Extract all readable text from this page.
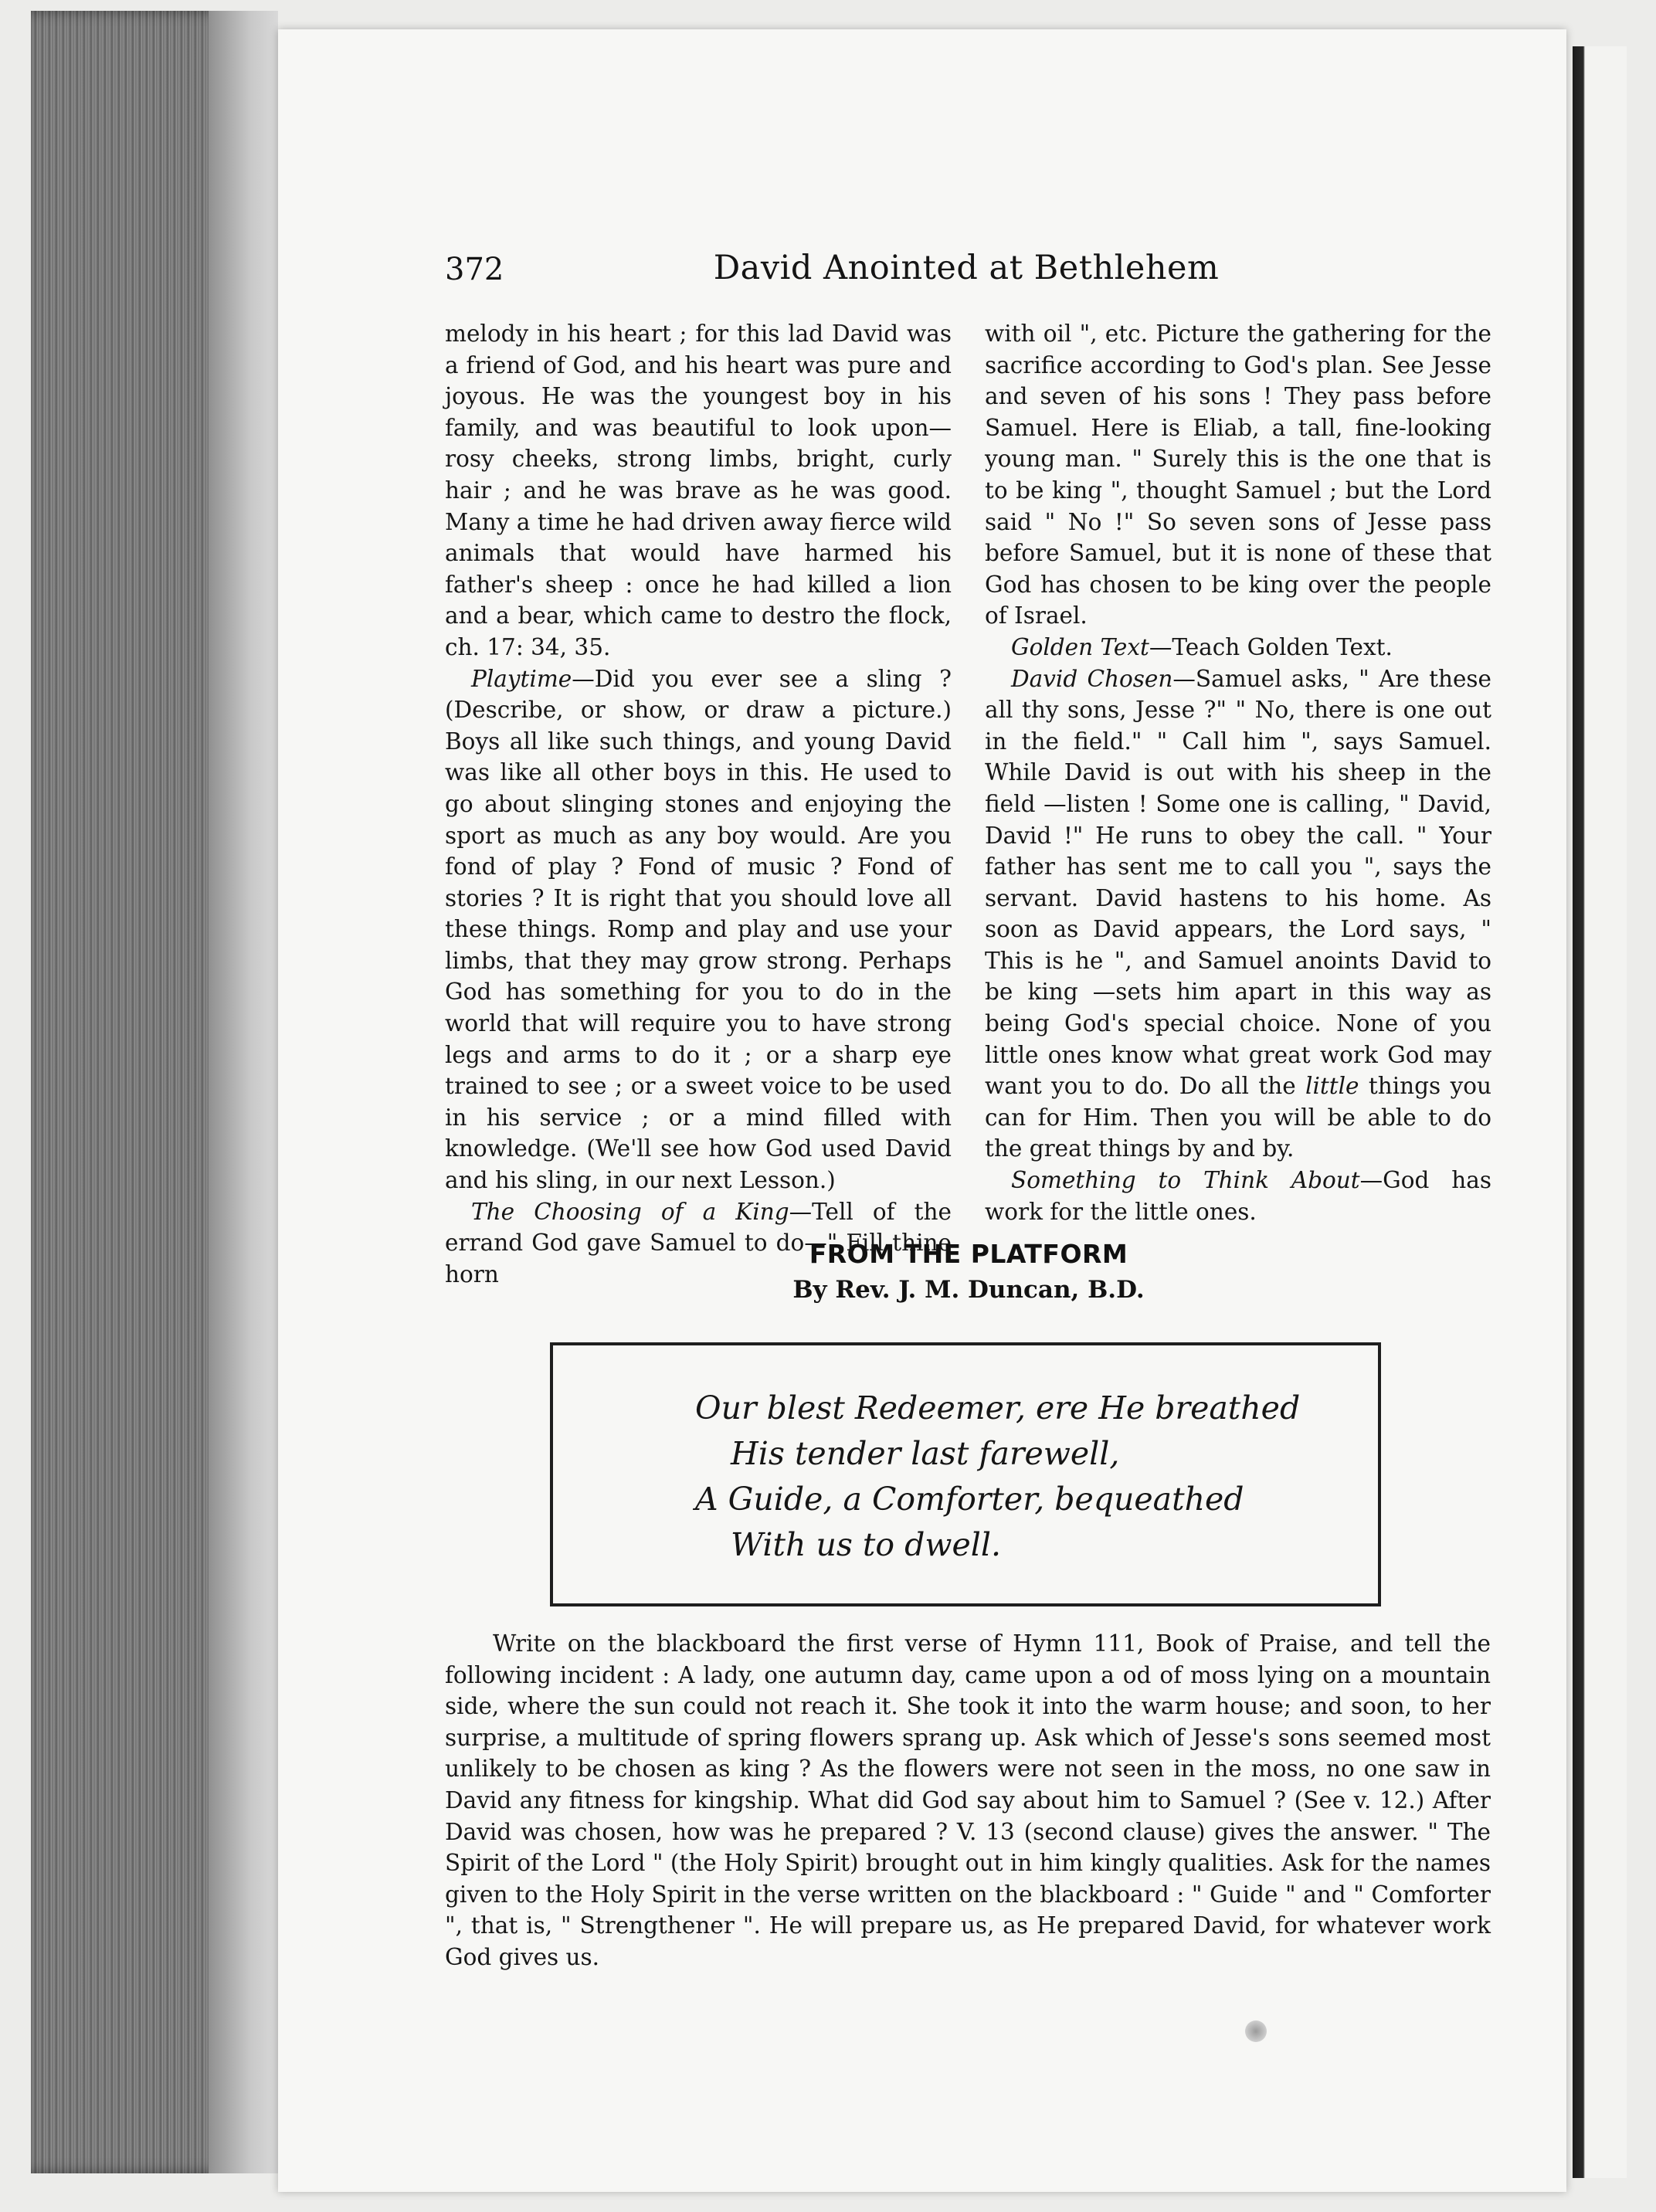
372	David Anointed at Bethlehem

melody in his heart ; for this lad David was a friend of God, and his heart was pure and joyous. He was the youngest boy in his family, and was beautiful to look upon—rosy cheeks, strong limbs, bright, curly hair ; and he was brave as he was good. Many a time he had driven away fierce wild animals that would have harmed his father's sheep : once he had killed a lion and a bear, which came to destro the flock, ch. 17: 34, 35.

Playtime—Did you ever see a sling ? (Describe, or show, or draw a picture.) Boys all like such things, and young David was like all other boys in this. He used to go about slinging stones and enjoying the sport as much as any boy would. Are you fond of play ? Fond of music ? Fond of stories ? It is right that you should love all these things. Romp and play and use your limbs, that they may grow strong. Perhaps God has something for you to do in the world that will require you to have strong legs and arms to do it ; or a sharp eye trained to see ; or a sweet voice to be used in his service ; or a mind filled with knowledge. (We'll see how God used David and his sling, in our next Lesson.)

The Choosing of a King—Tell of the errand God gave Samuel to do—" Fill thine horn

with oil ", etc. Picture the gathering for the sacrifice according to God's plan. See Jesse and seven of his sons ! They pass before Samuel. Here is Eliab, a tall, fine-looking young man. " Surely this is the one that is to be king ", thought Samuel ; but the Lord said " No !" So seven sons of Jesse pass before Samuel, but it is none of these that God has chosen to be king over the people of Israel.

Golden Text—Teach Golden Text.

David Chosen—Samuel asks, " Are these all thy sons, Jesse ?" " No, there is one out in the field." " Call him ", says Samuel. While David is out with his sheep in the field —listen ! Some one is calling, " David, David !" He runs to obey the call. " Your father has sent me to call you ", says the servant. David hastens to his home. As soon as David appears, the Lord says, " This is he ", and Samuel anoints David to be king —sets him apart in this way as being God's special choice. None of you little ones know what great work God may want you to do. Do all the little things you can for Him. Then you will be able to do the great things by and by.

Something to Think About—God has work for the little ones.

FROM THE PLATFORM
By Rev. J. M. Duncan, B.D.
Our blest Redeemer, ere He breathed
His tender last farewell,
A Guide, a Comforter, bequeathed
With us to dwell.

Write on the blackboard the first verse of Hymn 111, Book of Praise, and tell the following incident : A lady, one autumn day, came upon a od of moss lying on a mountain side, where the sun could not reach it. She took it into the warm house; and soon, to her surprise, a multitude of spring flowers sprang up. Ask which of Jesse's sons seemed most unlikely to be chosen as king ? As the flowers were not seen in the moss, no one saw in David any fitness for kingship. What did God say about him to Samuel ? (See v. 12.) After David was chosen, how was he prepared ? V. 13 (second clause) gives the answer. " The Spirit of the Lord " (the Holy Spirit) brought out in him kingly qualities. Ask for the names given to the Holy Spirit in the verse written on the blackboard : " Guide " and " Comforter ", that is, " Strengthener ". He will prepare us, as He prepared David, for whatever work God gives us.
